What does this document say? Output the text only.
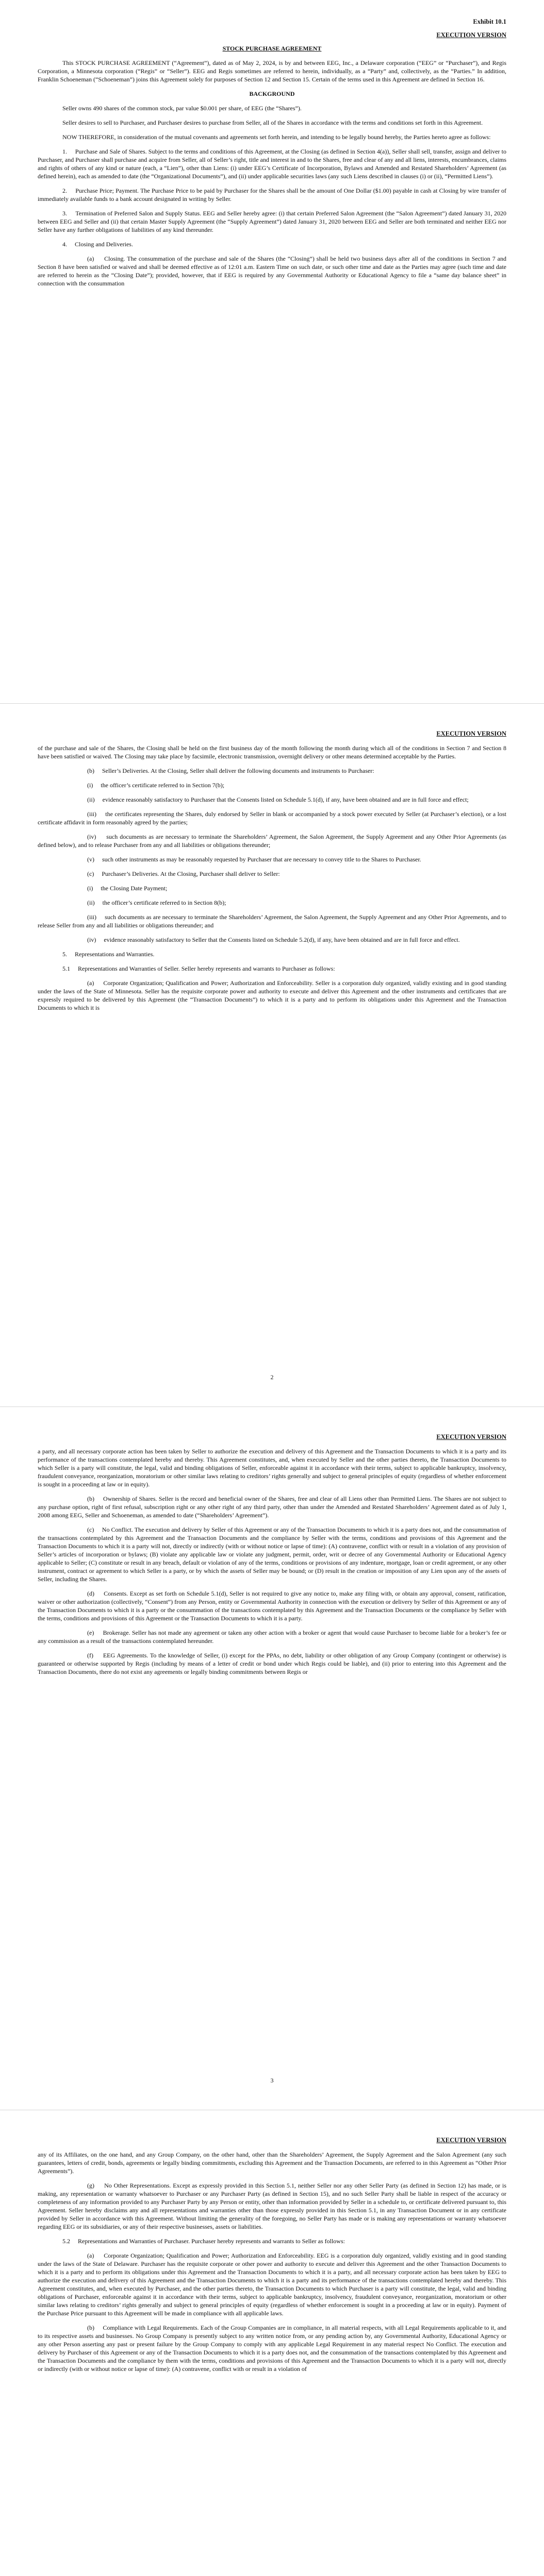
Exhibit 10.1
EXECUTION VERSION

STOCK PURCHASE AGREEMENT

This STOCK PURCHASE AGREEMENT (“Agreement”), dated as of May 2, 2024, is by and between EEG, Inc., a Delaware corporation (“EEG” or “Purchaser”), and Regis Corporation, a Minnesota corporation (“Regis” or “Seller”). EEG and Regis sometimes are referred to herein, individually, as a “Party” and, collectively, as the “Parties.” In addition, Franklin Schoeneman (“Schoeneman”) joins this Agreement solely for purposes of Section 12 and Section 15. Certain of the terms used in this Agreement are defined in Section 16.

BACKGROUND

Seller owns 490 shares of the common stock, par value $0.001 per share, of EEG (the “Shares”).

Seller desires to sell to Purchaser, and Purchaser desires to purchase from Seller, all of the Shares in accordance with the terms and conditions set forth in this Agreement.

NOW THEREFORE, in consideration of the mutual covenants and agreements set forth herein, and intending to be legally bound hereby, the Parties hereto agree as follows:

1.     Purchase and Sale of Shares. Subject to the terms and conditions of this Agreement, at the Closing (as defined in Section 4(a)), Seller shall sell, transfer, assign and deliver to Purchaser, and Purchaser shall purchase and acquire from Seller, all of Seller’s right, title and interest in and to the Shares, free and clear of any and all liens, interests, encumbrances, claims and rights of others of any kind or nature (each, a “Lien”), other than Liens: (i) under EEG’s Certificate of Incorporation, Bylaws and Amended and Restated Shareholders’ Agreement (as defined herein), each as amended to date (the “Organizational Documents”), and (ii) under applicable securities laws (any such Liens described in clauses (i) or (ii), “Permitted Liens”).

2.     Purchase Price; Payment. The Purchase Price to be paid by Purchaser for the Shares shall be the amount of One Dollar ($1.00) payable in cash at Closing by wire transfer of immediately available funds to a bank account designated in writing by Seller.

3.     Termination of Preferred Salon and Supply Status. EEG and Seller hereby agree: (i) that certain Preferred Salon Agreement (the “Salon Agreement”) dated January 31, 2020 between EEG and Seller and (ii) that certain Master Supply Agreement (the “Supply Agreement”) dated January 31, 2020 between EEG and Seller are both terminated and neither EEG nor Seller have any further obligations of liabilities of any kind thereunder.

4.     Closing and Deliveries.

(a)     Closing. The consummation of the purchase and sale of the Shares (the “Closing”) shall be held two business days after all of the conditions in Section 7 and Section 8 have been satisfied or waived and shall be deemed effective as of 12:01 a.m. Eastern Time on such date, or such other time and date as the Parties may agree (such time and date are referred to herein as the “Closing Date”); provided, however, that if EEG is required by any Governmental Authority or Educational Agency to file a “same day balance sheet” in connection with the consummation

EXECUTION VERSION

of the purchase and sale of the Shares, the Closing shall be held on the first business day of the month following the month during which all of the conditions in Section 7 and Section 8 have been satisfied or waived. The Closing may take place by facsimile, electronic transmission, overnight delivery or other means determined acceptable by the Parties.

(b)     Seller’s Deliveries. At the Closing, Seller shall deliver the following documents and instruments to Purchaser:

(i)     the officer’s certificate referred to in Section 7(b);

(ii)     evidence reasonably satisfactory to Purchaser that the Consents listed on Schedule 5.1(d), if any, have been obtained and are in full force and effect;

(iii)     the certificates representing the Shares, duly endorsed by Seller in blank or accompanied by a stock power executed by Seller (at Purchaser’s election), or a lost certificate affidavit in form reasonably agreed by the parties;

(iv)     such documents as are necessary to terminate the Shareholders’ Agreement, the Salon Agreement, the Supply Agreement and any Other Prior Agreements (as defined below), and to release Purchaser from any and all liabilities or obligations thereunder;

(v)     such other instruments as may be reasonably requested by Purchaser that are necessary to convey title to the Shares to Purchaser.

(c)     Purchaser’s Deliveries. At the Closing, Purchaser shall deliver to Seller:

(i)     the Closing Date Payment;

(ii)     the officer’s certificate referred to in Section 8(b);

(iii)     such documents as are necessary to terminate the Shareholders’ Agreement, the Salon Agreement, the Supply Agreement and any Other Prior Agreements, and to release Seller from any and all liabilities or obligations thereunder; and

(iv)     evidence reasonably satisfactory to Seller that the Consents listed on Schedule 5.2(d), if any, have been obtained and are in full force and effect.

5.     Representations and Warranties.

5.1     Representations and Warranties of Seller. Seller hereby represents and warrants to Purchaser as follows:

(a)     Corporate Organization; Qualification and Power; Authorization and Enforceability. Seller is a corporation duly organized, validly existing and in good standing under the laws of the State of Minnesota. Seller has the requisite corporate power and authority to execute and deliver this Agreement and the other instruments and certificates that are expressly required to be delivered by this Agreement (the “Transaction Documents”) to which it is a party and to perform its obligations under this Agreement and the Transaction Documents to which it is

2
EXECUTION VERSION

a party, and all necessary corporate action has been taken by Seller to authorize the execution and delivery of this Agreement and the Transaction Documents to which it is a party and its performance of the transactions contemplated hereby and thereby. This Agreement constitutes, and, when executed by Seller and the other parties thereto, the Transaction Documents to which Seller is a party will constitute, the legal, valid and binding obligations of Seller, enforceable against it in accordance with their terms, subject to applicable bankruptcy, insolvency, fraudulent conveyance, reorganization, moratorium or other similar laws relating to creditors’ rights generally and subject to general principles of equity (regardless of whether enforcement is sought in a proceeding at law or in equity).

(b)     Ownership of Shares. Seller is the record and beneficial owner of the Shares, free and clear of all Liens other than Permitted Liens. The Shares are not subject to any purchase option, right of first refusal, subscription right or any other right of any third party, other than under the Amended and Restated Shareholders’ Agreement dated as of July 1, 2008 among EEG, Seller and Schoeneman, as amended to date (“Shareholders’ Agreement”).

(c)     No Conflict. The execution and delivery by Seller of this Agreement or any of the Transaction Documents to which it is a party does not, and the consummation of the transactions contemplated by this Agreement and the Transaction Documents and the compliance by Seller with the terms, conditions and provisions of this Agreement and the Transaction Documents to which it is a party will not, directly or indirectly (with or without notice or lapse of time): (A) contravene, conflict with or result in a violation of any provision of Seller’s articles of incorporation or bylaws; (B) violate any applicable law or violate any judgment, permit, order, writ or decree of any Governmental Authority or Educational Agency applicable to Seller; (C) constitute or result in any breach, default or violation of any of the terms, conditions or provisions of any indenture, mortgage, loan or credit agreement, or any other instrument, contract or agreement to which Seller is a party, or by which the assets of Seller may be bound; or (D) result in the creation or imposition of any Lien upon any of the assets of Seller, including the Shares.

(d)     Consents. Except as set forth on Schedule 5.1(d), Seller is not required to give any notice to, make any filing with, or obtain any approval, consent, ratification, waiver or other authorization (collectively, “Consent”) from any Person, entity or Governmental Authority in connection with the execution or delivery by Seller of this Agreement or any of the Transaction Documents to which it is a party or the consummation of the transactions contemplated by this Agreement and the Transaction Documents or the compliance by Seller with the terms, conditions and provisions of this Agreement or the Transaction Documents to which it is a party.

(e)     Brokerage. Seller has not made any agreement or taken any other action with a broker or agent that would cause Purchaser to become liable for a broker’s fee or any commission as a result of the transactions contemplated hereunder.

(f)     EEG Agreements. To the knowledge of Seller, (i) except for the PPAs, no debt, liability or other obligation of any Group Company (contingent or otherwise) is guaranteed or otherwise supported by Regis (including by means of a letter of credit or bond under which Regis could be liable), and (ii) prior to entering into this Agreement and the Transaction Documents, there do not exist any agreements or legally binding commitments between Regis or

3
EXECUTION VERSION

any of its Affiliates, on the one hand, and any Group Company, on the other hand, other than the Shareholders’ Agreement, the Supply Agreement and the Salon Agreement (any such guarantees, letters of credit, bonds, agreements or legally binding commitments, excluding this Agreement and the Transaction Documents, are referred to in this Agreement as “Other Prior Agreements”).

(g)     No Other Representations. Except as expressly provided in this Section 5.1, neither Seller nor any other Seller Party (as defined in Section 12) has made, or is making, any representation or warranty whatsoever to Purchaser or any Purchaser Party (as defined in Section 15), and no such Seller Party shall be liable in respect of the accuracy or completeness of any information provided to any Purchaser Party by any Person or entity, other than information provided by Seller in a schedule to, or certificate delivered pursuant to, this Agreement. Seller hereby disclaims any and all representations and warranties other than those expressly provided in this Section 5.1, in any Transaction Document or in any certificate provided by Seller in accordance with this Agreement. Without limiting the generality of the foregoing, no Seller Party has made or is making any representations or warranty whatsoever regarding EEG or its subsidiaries, or any of their respective businesses, assets or liabilities.

5.2     Representations and Warranties of Purchaser. Purchaser hereby represents and warrants to Seller as follows:

(a)     Corporate Organization; Qualification and Power; Authorization and Enforceability. EEG is a corporation duly organized, validly existing and in good standing under the laws of the State of Delaware. Purchaser has the requisite corporate or other power and authority to execute and deliver this Agreement and the other Transaction Documents to which it is a party and to perform its obligations under this Agreement and the Transaction Documents to which it is a party, and all necessary corporate action has been taken by EEG to authorize the execution and delivery of this Agreement and the Transaction Documents to which it is a party and its performance of the transactions contemplated hereby and thereby. This Agreement constitutes, and, when executed by Purchaser, and the other parties thereto, the Transaction Documents to which Purchaser is a party will constitute, the legal, valid and binding obligations of Purchaser, enforceable against it in accordance with their terms, subject to applicable bankruptcy, insolvency, fraudulent conveyance, reorganization, moratorium or other similar laws relating to creditors’ rights generally and subject to general principles of equity (regardless of whether enforcement is sought in a proceeding at law or in equity). Payment of the Purchase Price pursuant to this Agreement will be made in compliance with all applicable laws.

(b)     Compliance with Legal Requirements. Each of the Group Companies are in compliance, in all material respects, with all Legal Requirements applicable to it, and to its respective assets and businesses. No Group Company is presently subject to any written notice from, or any pending action by, any Governmental Authority, Educational Agency or any other Person asserting any past or present failure by the Group Company to comply with any applicable Legal Requirement in any material respect No Conflict. The execution and delivery by Purchaser of this Agreement or any of the Transaction Documents to which it is a party does not, and the consummation of the transactions contemplated by this Agreement and the Transaction Documents and the compliance by them with the terms, conditions and provisions of this Agreement and the Transaction Documents to which it is a party will not, directly or indirectly (with or without notice or lapse of time): (A) contravene, conflict with or result in a violation of
